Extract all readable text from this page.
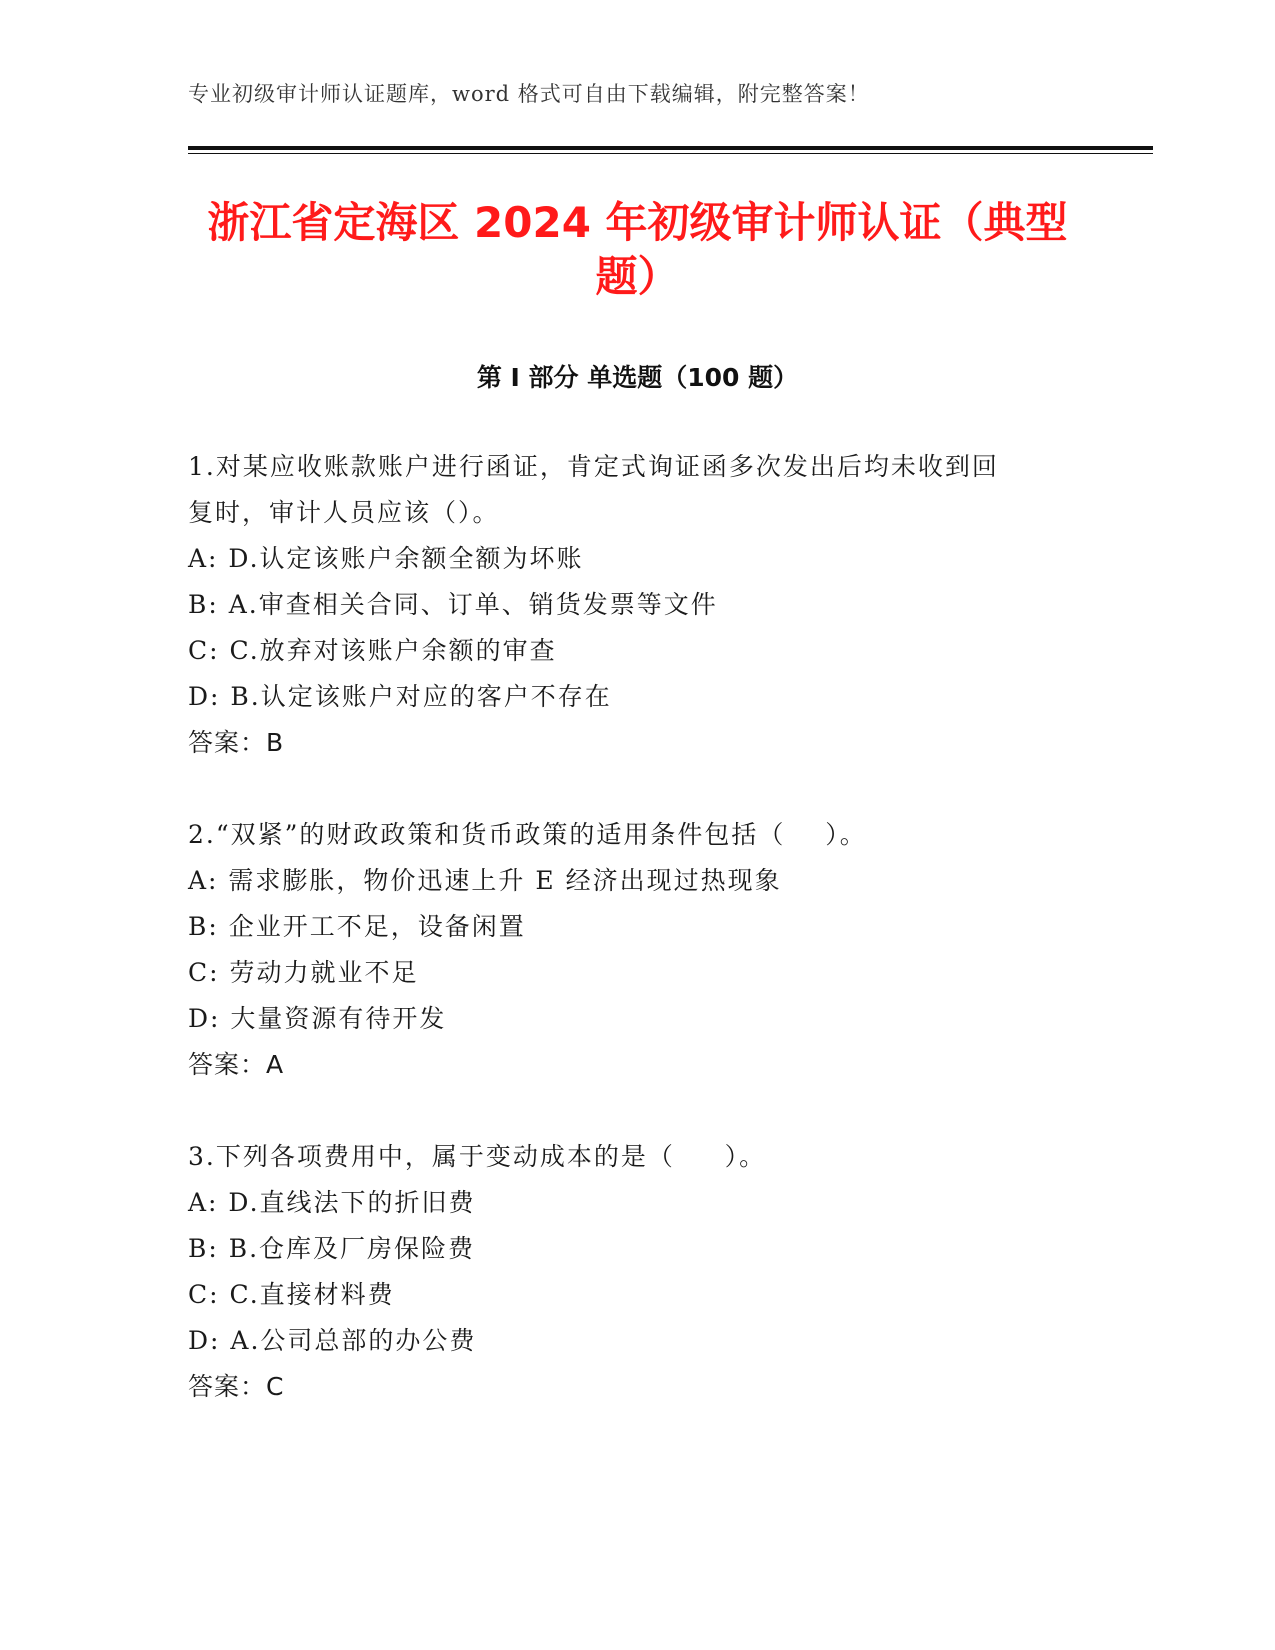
专业初级审计师认证题库，word 格式可自由下载编辑，附完整答案！
浙江省定海区 2024 年初级审计师认证（典型
题）
第 I 部分 单选题（100 题）
1.对某应收账款账户进行函证，肯定式询证函多次发出后均未收到回
复时，审计人员应该（）。
A: D.认定该账户余额全额为坏账
B: A.审查相关合同、订单、销货发票等文件
C: C.放弃对该账户余额的审查
D: B.认定该账户对应的客户不存在
答案：B
2.“双紧”的财政政策和货币政策的适用条件包括（    ）。
A: 需求膨胀，物价迅速上升 E 经济出现过热现象
B: 企业开工不足，设备闲置
C: 劳动力就业不足
D: 大量资源有待开发
答案：A
3.下列各项费用中，属于变动成本的是（     ）。
A: D.直线法下的折旧费
B: B.仓库及厂房保险费
C: C.直接材料费
D: A.公司总部的办公费
答案：C
